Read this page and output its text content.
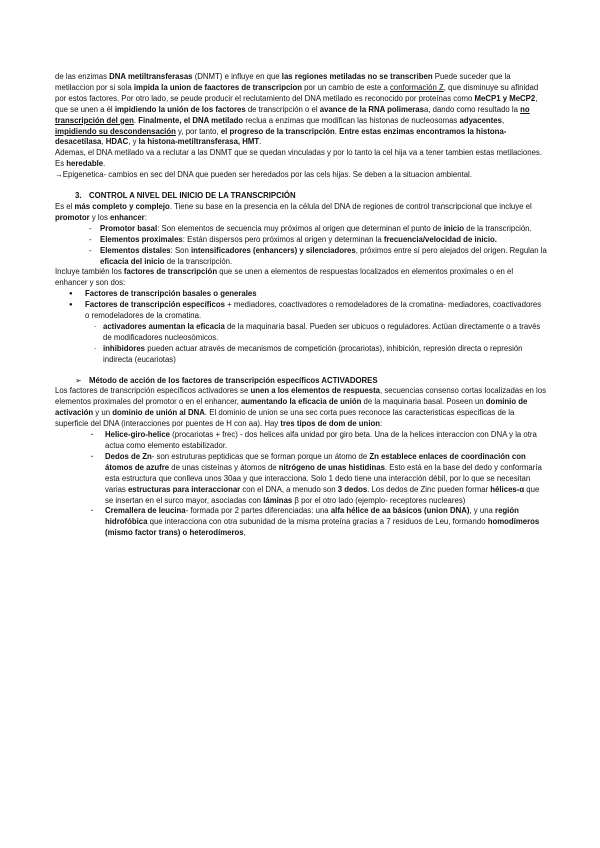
de las enzimas DNA metiltransferasas (DNMT) e influye en que las regiones metiladas no se transcriben Puede suceder que la metilaccion por si sola impida la union de faactores de transcripcion por un cambio de este a conformación Z, que disminuye su afinidad por estos factores. Por otro lado, se peude producir el reclutamiento del DNA metilado es reconocido por proteínas como MeCP1 y MeCP2, que se unen a él impidiendo la unión de los factores de transcripción o el avance de la RNA polimerasa, dando como resultado la no transcripción del gen. Finalmente, el DNA metilado reclua a enzimas que modifican las histonas de nucleosomas adyacentes, impidiendo su descondensación y, por tanto, el progreso de la transcripción. Entre estas enzimas encontramos la histona-desacetilasa, HDAC, y la histona-metiltransferasa, HMT.

Ademas, el DNA metilado va a reclutar a las DNMT que se quedan vinculadas y por lo tanto la cel hija va a tener tambien estas metilaciones. Es heredable.

→Epigenetica- cambios en sec del DNA que pueden ser heredados por las cels hijas. Se deben a la situacion ambiental.

3. CONTROL A NIVEL DEL INICIO DE LA TRANSCRIPCIÓN

Es el más completo y complejo. Tiene su base en la presencia en la célula del DNA de regiones de control transcripcional que incluye el promotor y los enhancer:

- Promotor basal: Son elementos de secuencia muy próximos al origen que determinan el punto de inicio de la transcripción.
- Elementos proximales: Están dispersos pero próximos al origen y determinan la frecuencia/velocidad de inicio.
- Elementos distales: Son intensificadores (enhancers) y silenciadores, próximos entre sí pero alejados del origen. Regulan la eficacia del inicio de la transcripción.

Incluye también los factores de transcripción que se unen a elementos de respuestas localizados en elementos proximales o en el enhancer y son dos:

● Factores de transcripción basales o generales
● Factores de transcripción específicos + mediadores, coactivadores o remodeladores de la cromatina- mediadores, coactivadores o remodeladores de la cromatina.
- activadores aumentan la eficacia de la maquinaria basal. Pueden ser ubicuos o reguladores. Actúan directamente o a través de modificadores nucleosómicos.
- inhibidores pueden actuar através de mecanismos de competición (procariotas), inhibición, represión directa o represión indirecta (eucariotas)

➢ Método de acción de los factores de transcripción específicos ACTIVADORES

Los factores de transcripción específicos activadores se unen a los elementos de respuesta, secuencias consenso cortas localizadas en los elementos proximales del promotor o en el enhancer, aumentando la eficacia de unión de la maquinaria basal. Poseen un dominio de activación y un dominio de unión al DNA. El dominio de union se una sec corta pues reconoce las caracteristicas especificas de la superficie del DNA (interacciones por puentes de H con aa). Hay tres tipos de dom de union:

· Helice-giro-helice (procariotas + frec) - dos helices alfa unidad por giro beta. Una de la helices interaccion con DNA y la otra actua como elemento estabilizador.
· Dedos de Zn- son estruturas peptidicas que se forman porque un átomo de Zn establece enlaces de coordinación con átomos de azufre de unas cisteínas y átomos de nitrógeno de unas histidinas. Esto está en la base del dedo y conformaría esta estructura que conlleva unos 30aa y que interacciona. Solo 1 dedo tiene una interacción débil, por lo que se necesitan varias estructuras para interaccionar con el DNA, a menudo son 3 dedos. Los dedos de Zinc pueden formar hélices-α que se insertan en el surco mayor, asociadas con láminas β por el otro lado (ejemplo- receptores nucleares)
· Cremallera de leucina- formada por 2 partes diferenciadas: una alfa hélice de aa básicos (union DNA), y una región hidrofóbica que interacciona con otra subunidad de la misma proteína gracias a 7 residuos de Leu, formando homodímeros (mismo factor trans) o heterodímeros,
